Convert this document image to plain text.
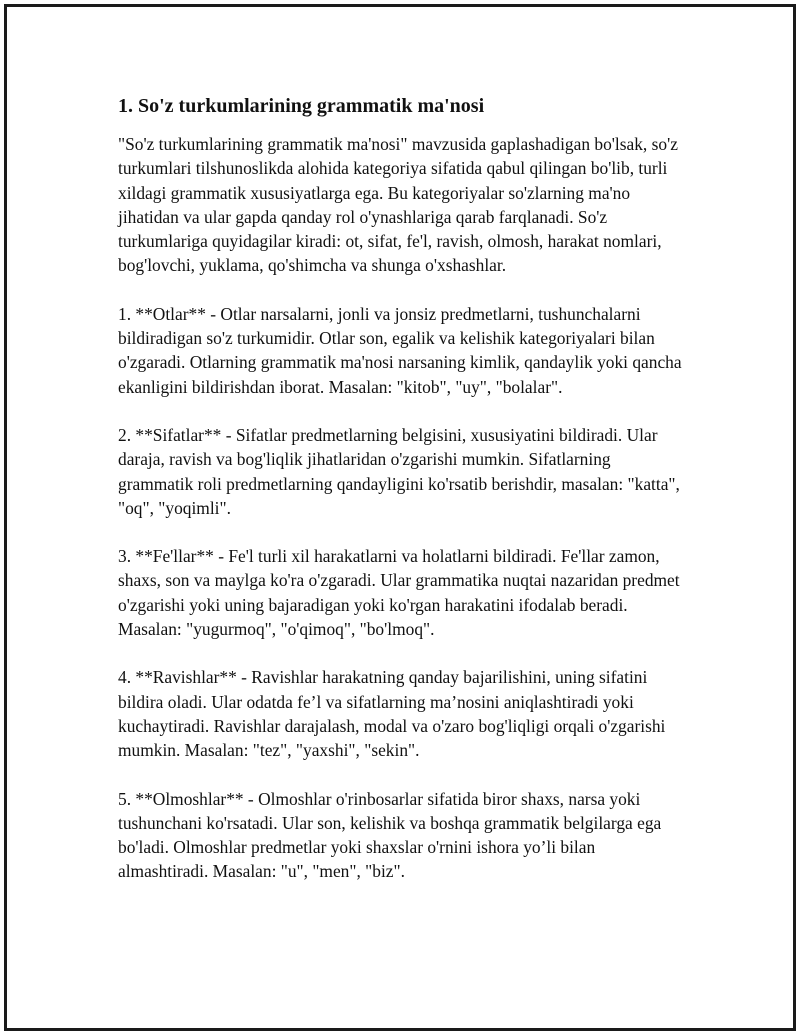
1. So'z turkumlarining grammatik ma'nosi

"So'z turkumlarining grammatik ma'nosi" mavzusida gaplashadigan bo'lsak, so'z turkumlari tilshunoslikda alohida kategoriya sifatida qabul qilingan bo'lib, turli xildagi grammatik xususiyatlarga ega. Bu kategoriyalar so'zlarning ma'no jihatidan va ular gapda qanday rol o'ynashlariga qarab farqlanadi. So'z turkumlariga quyidagilar kiradi: ot, sifat, fe'l, ravish, olmosh, harakat nomlari, bog'lovchi, yuklama, qo'shimcha va shunga o'xshashlar.

1. **Otlar** - Otlar narsalarni, jonli va jonsiz predmetlarni, tushunchalarni bildiradigan so'z turkumidir. Otlar son, egalik va kelishik kategoriyalari bilan o'zgaradi. Otlarning grammatik ma'nosi narsaning kimlik, qandaylik yoki qancha ekanligini bildirishdan iborat. Masalan: "kitob", "uy", "bolalar".

2. **Sifatlar** - Sifatlar predmetlarning belgisini, xususiyatini bildiradi. Ular daraja, ravish va bog'liqlik jihatlaridan o'zgarishi mumkin. Sifatlarning grammatik roli predmetlarning qandayligini ko'rsatib berishdir, masalan: "katta", "oq", "yoqimli".

3. **Fe'llar** - Fe'l turli xil harakatlarni va holatlarni bildiradi. Fe'llar zamon, shaxs, son va maylga ko'ra o'zgaradi. Ular grammatika nuqtai nazaridan predmet o'zgarishi yoki uning bajaradigan yoki ko'rgan harakatini ifodalab beradi. Masalan: "yugurmoq", "o'qimoq", "bo'lmoq".

4. **Ravishlar** - Ravishlar harakatning qanday bajarilishini, uning sifatini bildira oladi. Ular odatda fe’l va sifatlarning ma’nosini aniqlashtiradi yoki kuchaytiradi. Ravishlar darajalash, modal va o'zaro bog'liqligi orqali o'zgarishi mumkin. Masalan: "tez", "yaxshi", "sekin".

5. **Olmoshlar** - Olmoshlar o'rinbosarlar sifatida biror shaxs, narsa yoki tushunchani ko'rsatadi. Ular son, kelishik va boshqa grammatik belgilarga ega bo'ladi. Olmoshlar predmetlar yoki shaxslar o'rnini ishora yo’li bilan almashtiradi. Masalan: "u", "men", "biz".
